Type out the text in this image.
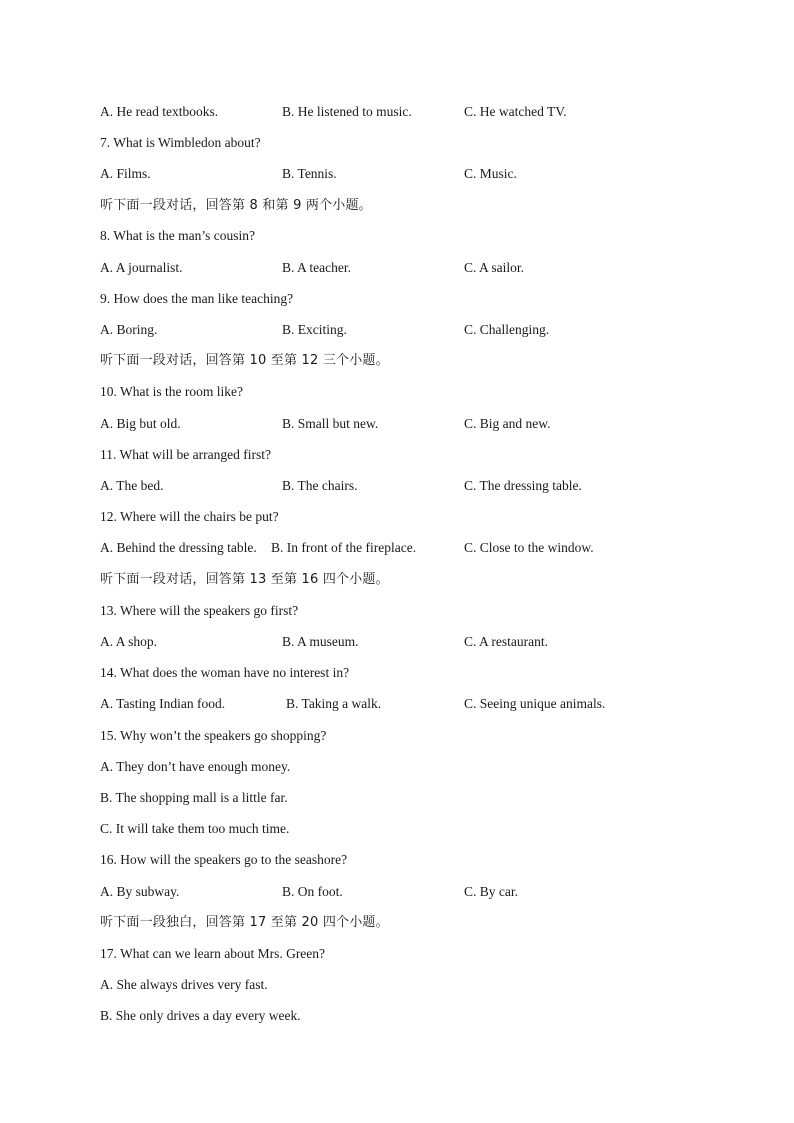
A. He read textbooks.	B. He listened to music.	C. He watched TV.
7. What is Wimbledon about?
A. Films.	B. Tennis.	C. Music.
听下面一段对话，回答第 8 和第 9 两个小题。
8. What is the man’s cousin?
A. A journalist.	B. A teacher.	C. A sailor.
9. How does the man like teaching?
A. Boring.	B. Exciting.	C. Challenging.
听下面一段对话，回答第 10 至第 12 三个小题。
10. What is the room like?
A. Big but old.	B. Small but new.	C. Big and new.
11. What will be arranged first?
A. The bed.	B. The chairs.	C. The dressing table.
12. Where will the chairs be put?
A. Behind the dressing table. B. In front of the fireplace.	C. Close to the window.
听下面一段对话，回答第 13 至第 16 四个小题。
13. Where will the speakers go first?
A. A shop.	B. A museum.	C. A restaurant.
14. What does the woman have no interest in?
A. Tasting Indian food.	B. Taking a walk.	C. Seeing unique animals.
15. Why won’t the speakers go shopping?
A. They don’t have enough money.
B. The shopping mall is a little far.
C. It will take them too much time.
16. How will the speakers go to the seashore?
A. By subway.	B. On foot.	C. By car.
听下面一段独白，回答第 17 至第 20 四个小题。
17. What can we learn about Mrs. Green?
A. She always drives very fast.
B. She only drives a day every week.
